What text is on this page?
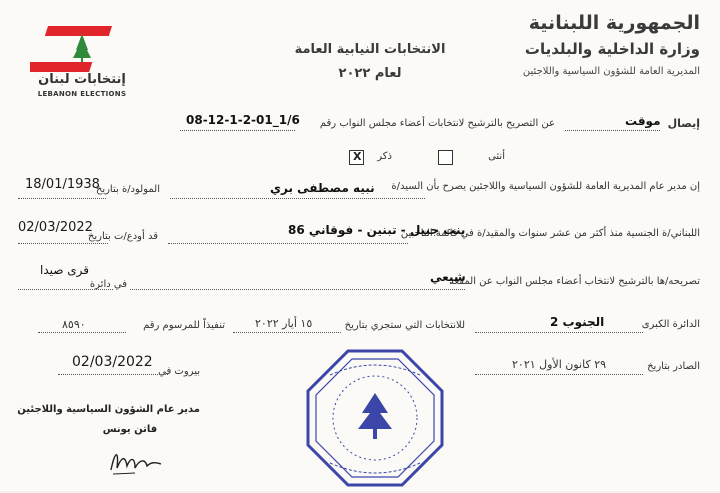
الجمهورية اللبنانية
وزارة الداخلية والبلديات
المديرية العامة للشؤون السياسية واللاجئين
الانتخابات النيابية العامة
لعام ٢٠٢٢
إنتخابات لبنان
LEBANON ELECTIONS
إيصال
موقت
عن التصريح بالترشيح لانتخابات أعضاء مجلس النواب رقم
08-12-1-2-01_1/6
أنثى
ذكر
X
إن مدير عام المديرية العامة للشؤون السياسية واللاجئين يصرح بأن السيد/ة
نبيه مصطفى بري
المولود/ة بتاريخ
18/01/1938
اللبناني/ة الجنسية منذ أكثر من عشر سنوات والمقيد/ة في قائمة الناخبين
بنت جبيل - تبنين - فوقاني 86
قد أودع/ت بتاريخ
02/03/2022
تصريحه/ها بالترشيح لانتخاب أعضاء مجلس النواب عن المقعد
شيعي
في دائرة
قرى صيدا
الدائرة الكبرى
الجنوب 2
للانتخابات التي ستجري بتاريخ
١٥ أيار ٢٠٢٢
تنفيذاً للمرسوم رقم
٨٥٩٠
الصادر بتاريخ
٢٩ كانون الأول ٢٠٢١
بيروت في
02/03/2022
مدير عام الشؤون السياسية واللاجئين
فاتن يونس
